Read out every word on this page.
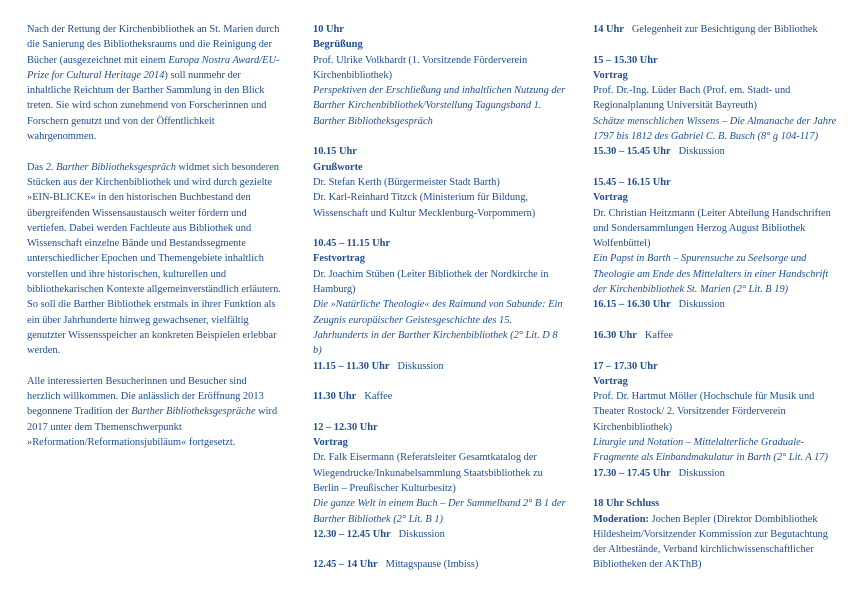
Nach der Rettung der Kirchenbibliothek an St. Marien durch die Sanierung des Bibliotheksraums und die Reinigung der Bücher (ausgezeichnet mit einem Europa Nostra Award/EU-Prize for Cultural Heritage 2014) soll nunmehr der inhaltliche Reichtum der Barther Sammlung in den Blick treten. Sie wird schon zunehmend von Forscherinnen und Forschern genutzt und von der Öffentlichkeit wahrgenommen.

Das 2. Barther Bibliotheksgespräch widmet sich besonderen Stücken aus der Kirchenbibliothek und wird durch gezielte »EIN-BLICKE« in den historischen Buchbestand den übergreifenden Wissensaustausch weiter fördern und vertiefen. Dabei werden Fachleute aus Bibliothek und Wissenschaft einzelne Bände und Bestandssegmente unterschiedlicher Epochen und Themengebiete inhaltlich vorstellen und ihre historischen, kulturellen und bibliothekarischen Kontexte allgemeinverständlich erläutern. So soll die Barther Bibliothek erstmals in ihrer Funktion als ein über Jahrhunderte hinweg gewachsener, vielfältig genutzter Wissensspeicher an konkreten Beispielen erlebbar werden.

Alle interessierten Besucherinnen und Besucher sind herzlich willkommen. Die anlässlich der Eröffnung 2013 begonnene Tradition der Barther Bibliotheksgespräche wird 2017 unter dem Themenschwerpunkt »Reformation/Reformationsjubiläum« fortgesetzt.

10 Uhr
Begrüßung
Prof. Ulrike Volkhardt (1. Vorsitzende Förderverein Kirchenbibliothek)
Perspektiven der Erschließung und inhaltlichen Nutzung der Barther Kirchenbibliothek/Vorstellung Tagungsband 1. Barther Bibliotheksgespräch
10.15 Uhr
Grußworte
Dr. Stefan Kerth (Bürgermeister Stadt Barth)
Dr. Karl-Reinhard Titzck (Ministerium für Bildung, Wissenschaft und Kultur Mecklenburg-Vorpommern)
10.45 – 11.15 Uhr
Festvortrag
Dr. Joachim Stüben (Leiter Bibliothek der Nordkirche in Hamburg)
Die »Natürliche Theologie« des Raimund von Sabunde: Ein Zeugnis europäischer Geistesgeschichte des 15. Jahrhunderts in der Barther Kirchenbibliothek (2° Lit. D 8 b)
11.15 – 11.30 Uhr Diskussion
11.30 Uhr Kaffee
12 – 12.30 Uhr
Vortrag
Dr. Falk Eisermann (Referatsleiter Gesamtkatalog der Wiegendrucke/Inkunabelsammlung Staatsbibliothek zu Berlin – Preußischer Kulturbesitz)
Die ganze Welt in einem Buch – Der Sammelband 2° B 1 der Barther Bibliothek (2° Lit. B 1)
12.30 – 12.45 Uhr Diskussion
12.45 – 14 Uhr Mittagspause (Imbiss)
14 Uhr Gelegenheit zur Besichtigung der Bibliothek
15 – 15.30 Uhr
Vortrag
Prof. Dr.-Ing. Lüder Bach (Prof. em. Stadt- und Regionalplanung Universität Bayreuth)
Schätze menschlichen Wissens – Die Almanache der Jahre 1797 bis 1812 des Gabriel C. B. Busch (8° g 104-117)
15.30 – 15.45 Uhr Diskussion
15.45 – 16.15 Uhr
Vortrag
Dr. Christian Heitzmann (Leiter Abteilung Handschriften und Sondersammlungen Herzog August Bibliothek Wolfenbüttel)
Ein Papst in Barth – Spurensuche zu Seelsorge und Theologie am Ende des Mittelalters in einer Handschrift der Kirchenbibliothek St. Marien (2° Lit. B 19)
16.15 – 16.30 Uhr Diskussion
16.30 Uhr Kaffee
17 – 17.30 Uhr
Vortrag
Prof. Dr. Hartmut Möller (Hochschule für Musik und Theater Rostock/ 2. Vorsitzender Förderverein Kirchenbibliothek)
Liturgie und Notation – Mittelalterliche Graduale-Fragmente als Einbandmakulatur in Barth (2° Lit. A 17)
17.30 – 17.45 Uhr Diskussion
18 Uhr Schluss
Moderation: Jochen Bepler (Direktor Dombibliothek Hildesheim/Vorsitzender Kommission zur Begutachtung der Altbestände, Verband kirchlichwissenschaftlicher Bibliotheken der AKThB)
